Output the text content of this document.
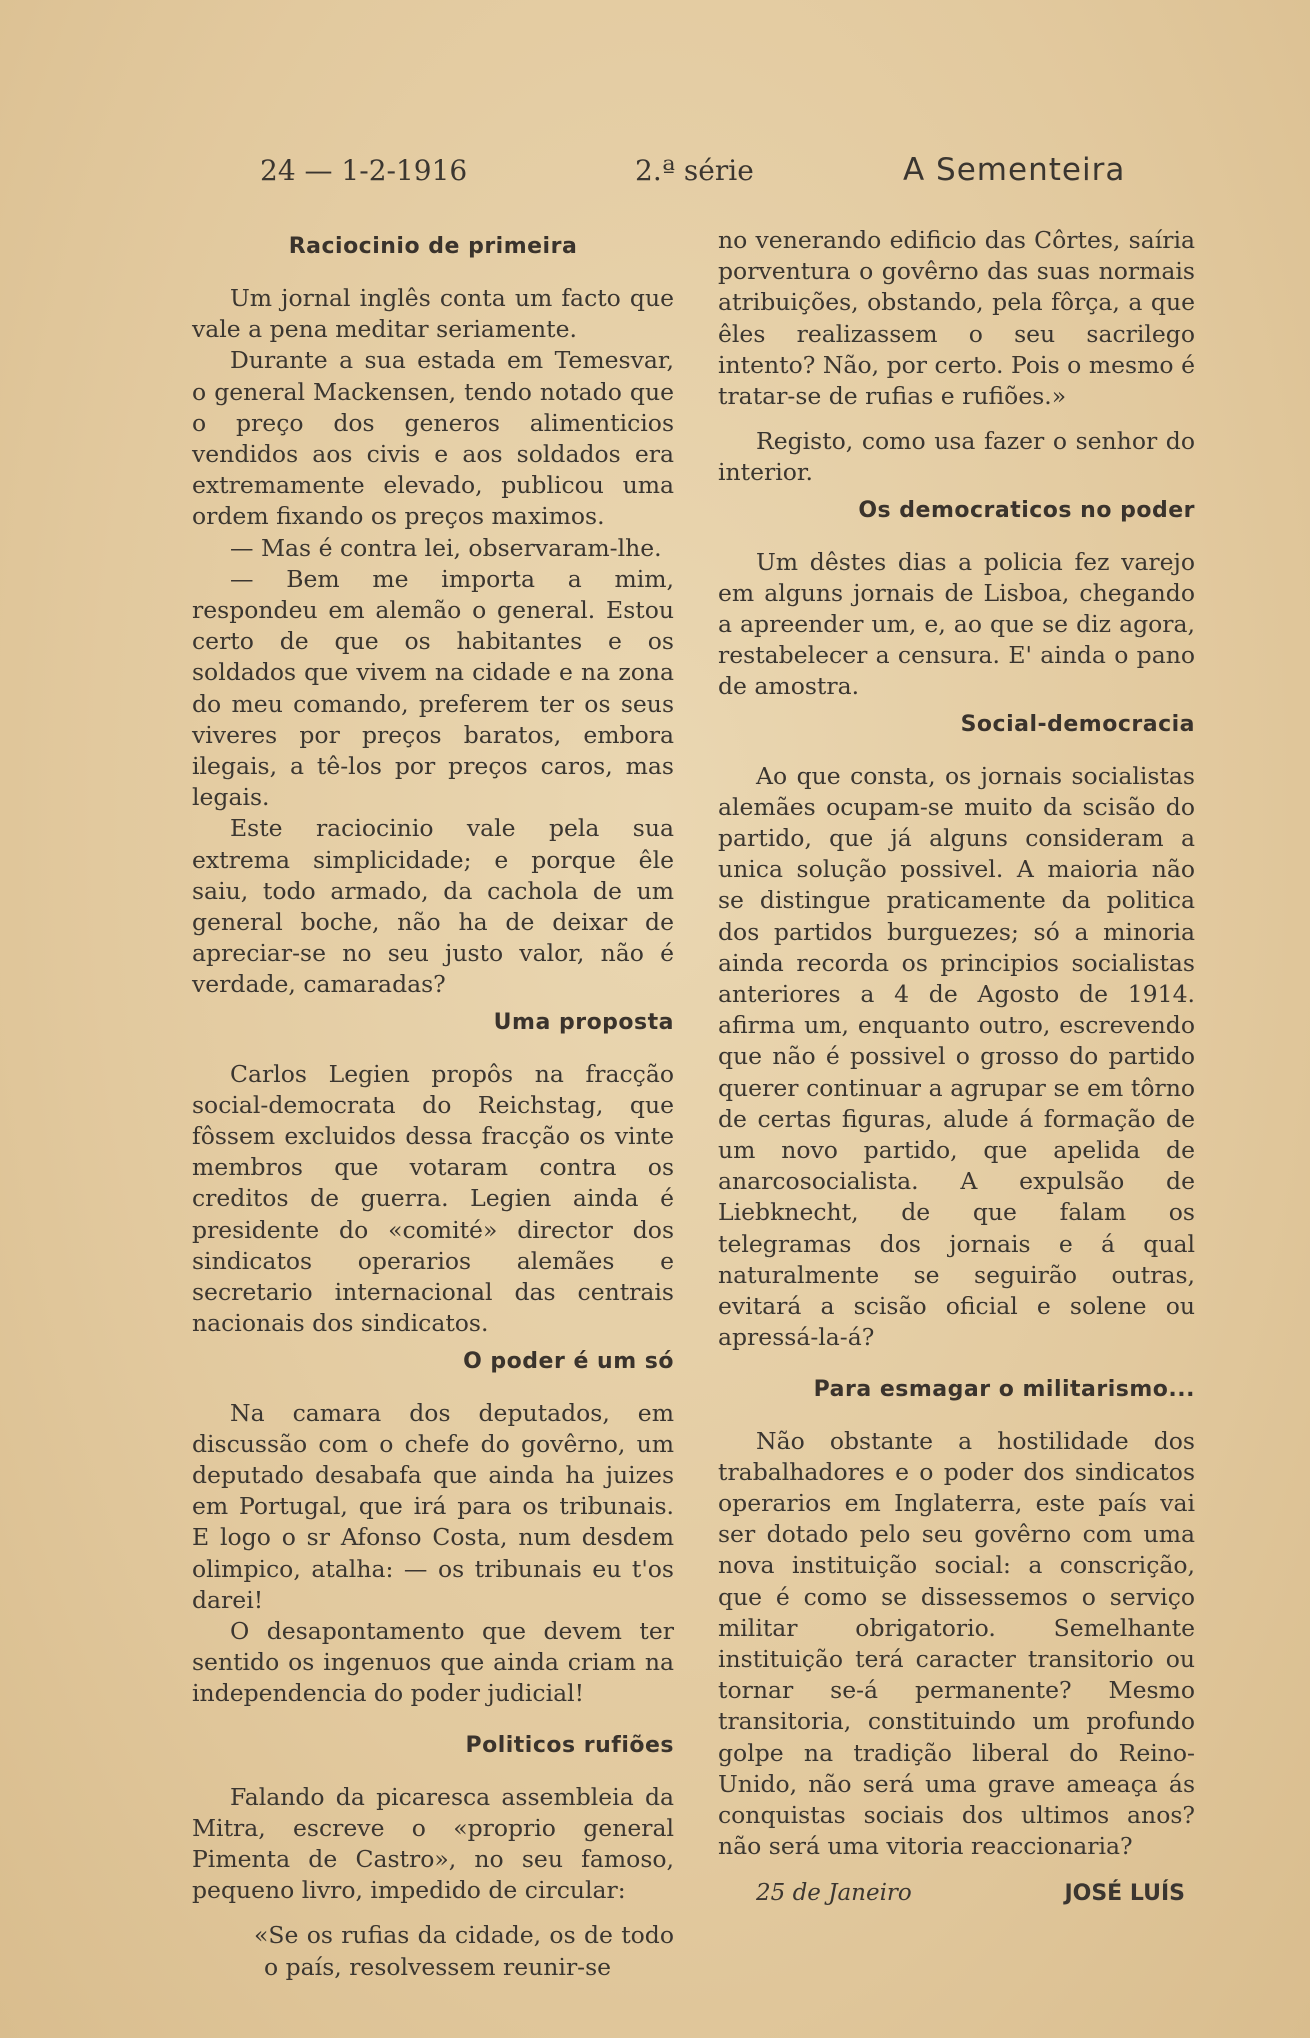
24 — 1-2-1916	2.ª série	A Sementeira
Raciocinio de primeira

Um jornal inglês conta um facto que vale a pena meditar seriamente.

Durante a sua estada em Temesvar, o general Mackensen, tendo notado que o preço dos generos alimenticios vendidos aos civis e aos soldados era extremamente elevado, publicou uma ordem fixando os preços maximos.

— Mas é contra lei, observaram-lhe.

— Bem me importa a mim, respondeu em alemão o general. Estou certo de que os habitantes e os soldados que vivem na cidade e na zona do meu comando, preferem ter os seus viveres por preços baratos, embora ilegais, a tê-los por preços caros, mas legais.

Este raciocinio vale pela sua extrema simplicidade; e porque êle saiu, todo armado, da cachola de um general boche, não ha de deixar de apreciar-se no seu justo valor, não é verdade, camaradas?

Uma proposta

Carlos Legien propôs na fracção social-democrata do Reichstag, que fôssem excluidos dessa fracção os vinte membros que votaram contra os creditos de guerra. Legien ainda é presidente do «comité» director dos sindicatos operarios alemães e secretario internacional das centrais nacionais dos sindicatos.

O poder é um só

Na camara dos deputados, em discussão com o chefe do govêrno, um deputado desabafa que ainda ha juizes em Portugal, que irá para os tribunais. E logo o sr Afonso Costa, num desdem olimpico, atalha: — os tribunais eu t'os darei!

O desapontamento que devem ter sentido os ingenuos que ainda criam na independencia do poder judicial!

Politicos rufiões

Falando da picaresca assembleia da Mitra, escreve o «proprio general Pimenta de Castro», no seu famoso, pequeno livro, impedido de circular:

«Se os rufias da cidade, os de todo o país, resolvessem reunir-se

no venerando edificio das Côrtes, saíria porventura o govêrno das suas normais atribuições, obstando, pela fôrça, a que êles realizassem o seu sacrilego intento? Não, por certo. Pois o mesmo é tratar-se de rufias e rufiões.»

Registo, como usa fazer o senhor do interior.

Os democraticos no poder

Um dêstes dias a policia fez varejo em alguns jornais de Lisboa, chegando a apreender um, e, ao que se diz agora, restabelecer a censura. E' ainda o pano de amostra.

Social-democracia

Ao que consta, os jornais socialistas alemães ocupam-se muito da scisão do partido, que já alguns consideram a unica solução possivel. A maioria não se distingue praticamente da politica dos partidos burguezes; só a minoria ainda recorda os principios socialistas anteriores a 4 de Agosto de 1914. afirma um, enquanto outro, escrevendo que não é possivel o grosso do partido querer continuar a agrupar se em tôrno de certas figuras, alude á formação de um novo partido, que apelida de anarcosocialista. A expulsão de Liebknecht, de que falam os telegramas dos jornais e á qual naturalmente se seguirão outras, evitará a scisão oficial e solene ou apressá-la-á?

Para esmagar o militarismo...

Não obstante a hostilidade dos trabalhadores e o poder dos sindicatos operarios em Inglaterra, este país vai ser dotado pelo seu govêrno com uma nova instituição social: a conscrição, que é como se dissessemos o serviço militar obrigatorio. Semelhante instituição terá caracter transitorio ou tornar se-á permanente? Mesmo transitoria, constituindo um profundo golpe na tradição liberal do Reino-Unido, não será uma grave ameaça ás conquistas sociais dos ultimos anos? não será uma vitoria reaccionaria?

25 de Janeiro	JOSÉ LUÍS
